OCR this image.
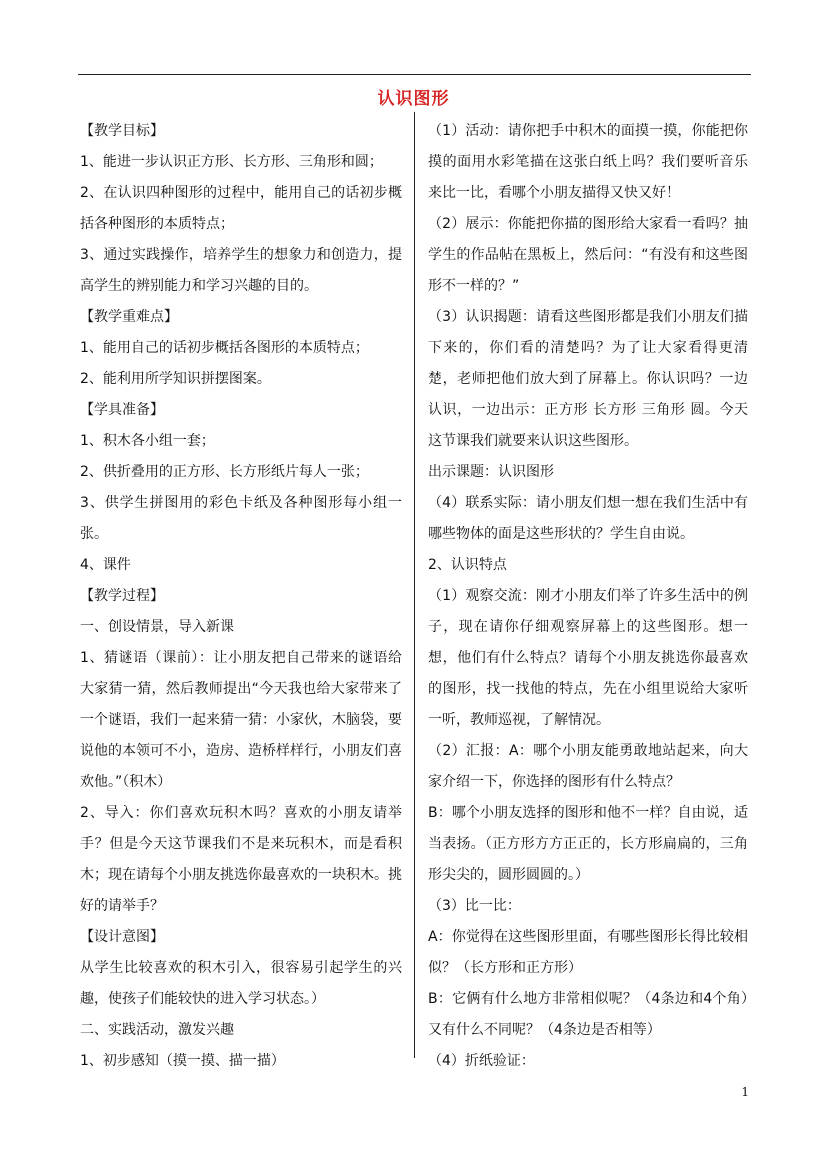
认识图形

【教学目标】

1、能进一步认识正方形、长方形、三角形和圆；

2、在认识四种图形的过程中，能用自己的话初步概括各种图形的本质特点；

3、通过实践操作，培养学生的想象力和创造力，提高学生的辨别能力和学习兴趣的目的。

【教学重难点】

1、能用自己的话初步概括各图形的本质特点；

2、能利用所学知识拼摆图案。

【学具准备】

1、积木各小组一套；

2、供折叠用的正方形、长方形纸片每人一张；

3、供学生拼图用的彩色卡纸及各种图形每小组一张。

4、课件

【教学过程】

一、创设情景，导入新课

1、猜谜语（课前）：让小朋友把自己带来的谜语给大家猜一猜，然后教师提出“今天我也给大家带来了一个谜语，我们一起来猜一猜：小家伙，木脑袋，要说他的本领可不小，造房、造桥样样行，小朋友们喜欢他。”（积木）

2、导入：你们喜欢玩积木吗？喜欢的小朋友请举手？但是今天这节课我们不是来玩积木，而是看积木；现在请每个小朋友挑选你最喜欢的一块积木。挑好的请举手？

【设计意图】

从学生比较喜欢的积木引入，很容易引起学生的兴趣，使孩子们能较快的进入学习状态。）

二、实践活动，激发兴趣

1、初步感知（摸一摸、描一描）

（1）活动：请你把手中积木的面摸一摸，你能把你摸的面用水彩笔描在这张白纸上吗？我们要听音乐来比一比，看哪个小朋友描得又快又好！

（2）展示：你能把你描的图形给大家看一看吗？抽学生的作品帖在黑板上，然后问：“有没有和这些图形不一样的？”

（3）认识揭题：请看这些图形都是我们小朋友们描下来的，你们看的清楚吗？为了让大家看得更清楚，老师把他们放大到了屏幕上。你认识吗？一边认识，一边出示：正方形 长方形 三角形 圆。今天这节课我们就要来认识这些图形。

出示课题：认识图形

（4）联系实际：请小朋友们想一想在我们生活中有哪些物体的面是这些形状的？学生自由说。

2、认识特点

（1）观察交流：刚才小朋友们举了许多生活中的例子，现在请你仔细观察屏幕上的这些图形。想一想，他们有什么特点？请每个小朋友挑选你最喜欢的图形，找一找他的特点，先在小组里说给大家听一听，教师巡视，了解情况。

（2）汇报：A：哪个小朋友能勇敢地站起来，向大家介绍一下，你选择的图形有什么特点？

B：哪个小朋友选择的图形和他不一样？自由说，适当表扬。（正方形方方正正的，长方形扁扁的，三角形尖尖的，圆形圆圆的。）

（3）比一比：

A：你觉得在这些图形里面，有哪些图形长得比较相似？（长方形和正方形）

B：它俩有什么地方非常相似呢？（4条边和4个角）又有什么不同呢？（4条边是否相等）

（4）折纸验证：

1
